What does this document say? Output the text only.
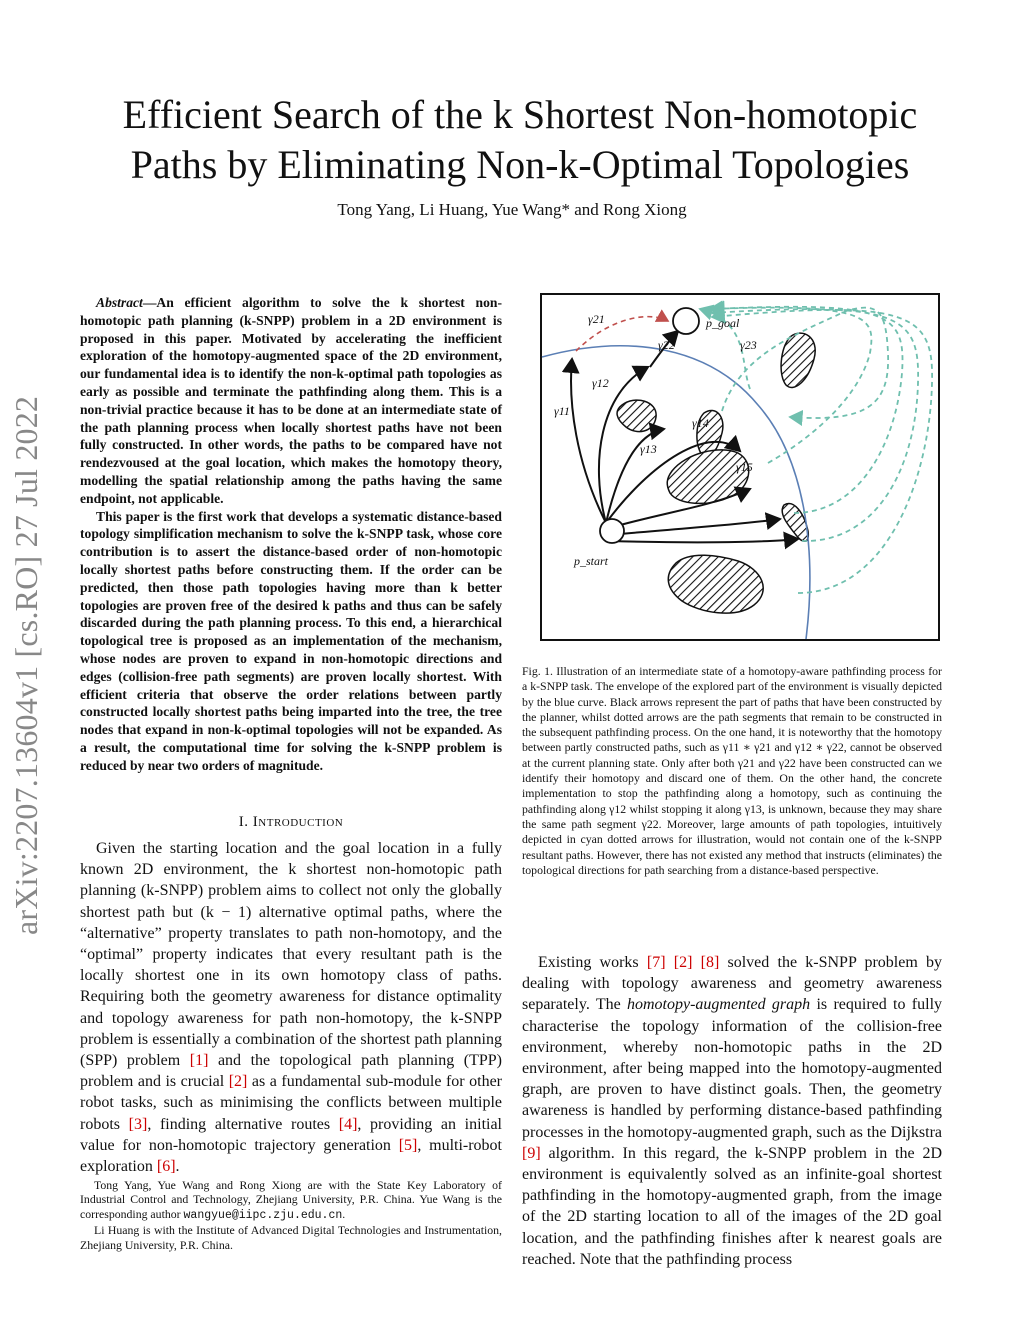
Efficient Search of the k Shortest Non-homotopic
Paths by Eliminating Non-k-Optimal Topologies
Tong Yang, Li Huang, Yue Wang* and Rong Xiong
arXiv:2207.13604v1 [cs.RO] 27 Jul 2022

Abstract—An efficient algorithm to solve the k shortest non-homotopic path planning (k-SNPP) problem in a 2D environment is proposed in this paper. Motivated by accelerating the inefficient exploration of the homotopy-augmented space of the 2D environment, our fundamental idea is to identify the non-k-optimal path topologies as early as possible and terminate the pathfinding along them. This is a non-trivial practice because it has to be done at an intermediate state of the path planning process when locally shortest paths have not been fully constructed. In other words, the paths to be compared have not rendezvoused at the goal location, which makes the homotopy theory, modelling the spatial relationship among the paths having the same endpoint, not applicable.

This paper is the first work that develops a systematic distance-based topology simplification mechanism to solve the k-SNPP task, whose core contribution is to assert the distance-based order of non-homotopic locally shortest paths before constructing them. If the order can be predicted, then those path topologies having more than k better topologies are proven free of the desired k paths and thus can be safely discarded during the path planning process. To this end, a hierarchical topological tree is proposed as an implementation of the mechanism, whose nodes are proven to expand in non-homotopic directions and edges (collision-free path segments) are proven locally shortest. With efficient criteria that observe the order relations between partly constructed locally shortest paths being imparted into the tree, the tree nodes that expand in non-k-optimal topologies will not be expanded. As a result, the computational time for solving the k-SNPP problem is reduced by near two orders of magnitude.

I. Introduction

Given the starting location and the goal location in a fully known 2D environment, the k shortest non-homotopic path planning (k-SNPP) problem aims to collect not only the globally shortest path but (k − 1) alternative optimal paths, where the “alternative” property translates to path non-homotopy, and the “optimal” property indicates that every resultant path is the locally shortest one in its own homotopy class of paths. Requiring both the geometry awareness for distance optimality and topology awareness for path non-homotopy, the k-SNPP problem is essentially a combination of the shortest path planning (SPP) problem [1] and the topological path planning (TPP) problem and is crucial [2] as a fundamental sub-module for other robot tasks, such as minimising the conflicts between multiple robots [3], finding alternative routes [4], providing an initial value for non-homotopic trajectory generation [5], multi-robot exploration [6].

Tong Yang, Yue Wang and Rong Xiong are with the State Key Laboratory of Industrial Control and Technology, Zhejiang University, P.R. China. Yue Wang is the corresponding author wangyue@iipc.zju.edu.cn.

Li Huang is with the Institute of Advanced Digital Technologies and Instrumentation, Zhejiang University, P.R. China.

p_goal
p_start
γ21
γ22	γ23
γ11
γ12
γ13
γ14
γ15
Fig. 1. Illustration of an intermediate state of a homotopy-aware pathfinding process for a k-SNPP task. The envelope of the explored part of the environment is visually depicted by the blue curve. Black arrows represent the part of paths that have been constructed by the planner, whilst dotted arrows are the path segments that remain to be constructed in the subsequent pathfinding process. On the one hand, it is noteworthy that the homotopy between partly constructed paths, such as γ11 ∗ γ21 and γ12 ∗ γ22, cannot be observed at the current planning state. Only after both γ21 and γ22 have been constructed can we identify their homotopy and discard one of them. On the other hand, the concrete implementation to stop the pathfinding along a homotopy, such as continuing the pathfinding along γ12 whilst stopping it along γ13, is unknown, because they may share the same path segment γ22. Moreover, large amounts of path topologies, intuitively depicted in cyan dotted arrows for illustration, would not contain one of the k-SNPP resultant paths. However, there has not existed any method that instructs (eliminates) the topological directions for path searching from a distance-based perspective.

Existing works [7] [2] [8] solved the k-SNPP problem by dealing with topology awareness and geometry awareness separately. The homotopy-augmented graph is required to fully characterise the topology information of the collision-free environment, whereby non-homotopic paths in the 2D environment, after being mapped into the homotopy-augmented graph, are proven to have distinct goals. Then, the geometry awareness is handled by performing distance-based pathfinding processes in the homotopy-augmented graph, such as the Dijkstra [9] algorithm. In this regard, the k-SNPP problem in the 2D environment is equivalently solved as an infinite-goal shortest pathfinding in the homotopy-augmented graph, from the image of the 2D starting location to all of the images of the 2D goal location, and the pathfinding finishes after k nearest goals are reached. Note that the pathfinding process
